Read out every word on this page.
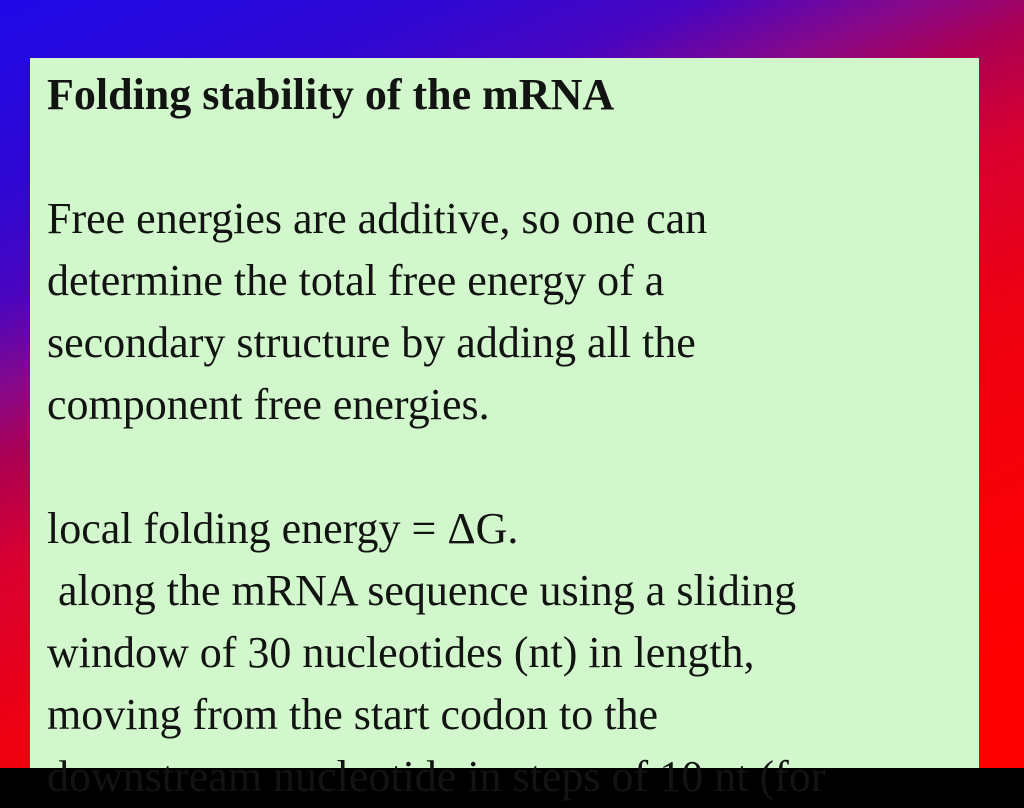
Folding stability of the mRNA
Free energies are additive, so one can
determine the total free energy of a
secondary structure by adding all the
component free energies.
local folding energy = ΔG.
along the mRNA sequence using a sliding
window of 30 nucleotides (nt) in length,
moving from the start codon to the
downstream nucleotide in steps of 10 nt (for
